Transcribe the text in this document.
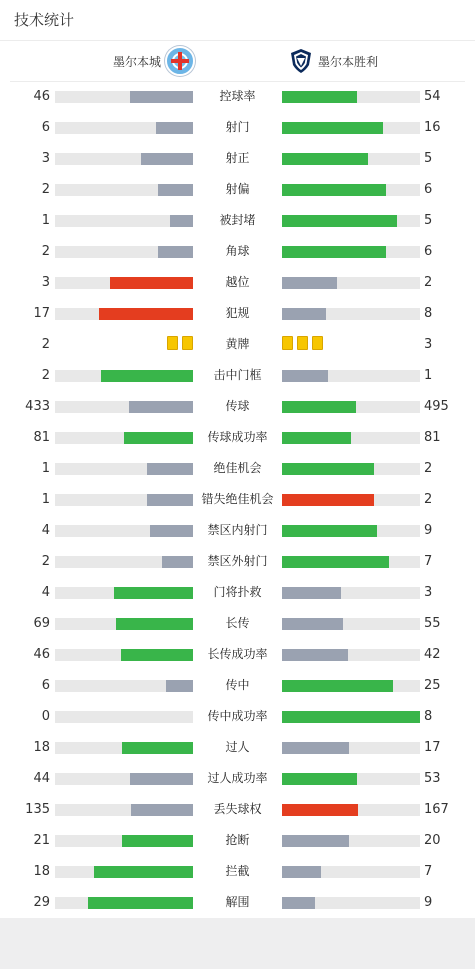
技术统计
墨尔本城	墨尔本胜利
46	控球率	54
6	射门	16
3	射正	5
2	射偏	6
1	被封堵	5
2	角球	6
3	越位	2
17	犯规	8
2	黄牌	3
2	击中门框	1
433	传球	495
81	传球成功率	81
1	绝佳机会	2
1	错失绝佳机会	2
4	禁区内射门	9
2	禁区外射门	7
4	门将扑救	3
69	长传	55
46	长传成功率	42
6	传中	25
0	传中成功率	8
18	过人	17
44	过人成功率	53
135	丢失球权	167
21	抢断	20
18	拦截	7
29	解围	9
